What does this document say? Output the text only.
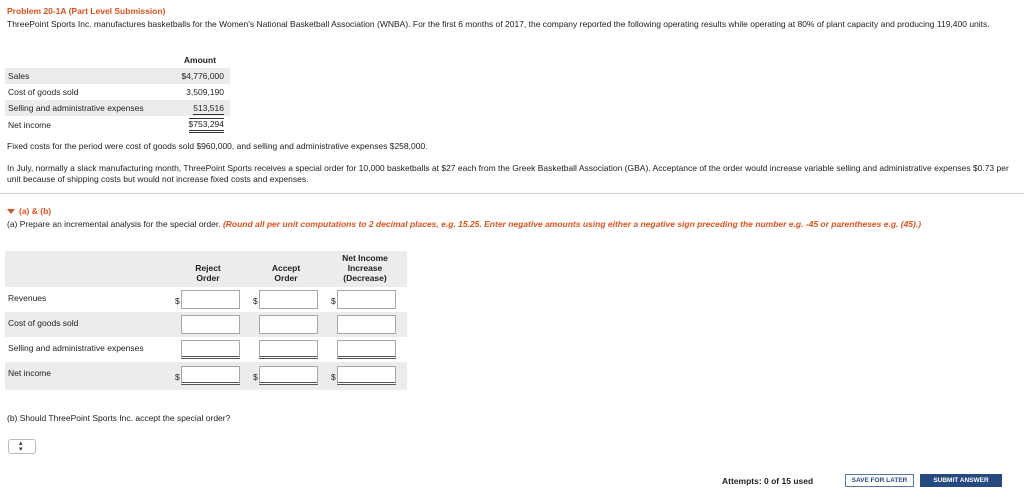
Problem 20-1A (Part Level Submission)
ThreePoint Sports Inc. manufactures basketballs for the Women's National Basketball Association (WNBA). For the first 6 months of 2017, the company reported the following operating results while operating at 80% of plant capacity and producing 119,400 units.
	Amount
Sales	$4,776,000
Cost of goods sold	3,509,190
Selling and administrative expenses	513,516
Net income	$753,294
Fixed costs for the period were cost of goods sold $960,000, and selling and administrative expenses $258,000.
In July, normally a slack manufacturing month, ThreePoint Sports receives a special order for 10,000 basketballs at $27 each from the Greek Basketball Association (GBA). Acceptance of the order would increase variable selling and administrative expenses $0.73 per unit because of shipping costs but would not increase fixed costs and expenses.
(a) & (b)
(a) Prepare an incremental analysis for the special order. (Round all per unit computations to 2 decimal places, e.g. 15.25. Enter negative amounts using either a negative sign preceding the number e.g. -45 or parentheses e.g. (45).)
Reject
Order
Accept
Order
Net Income
Increase
(Decrease)
Revenues	$	$	$
Cost of goods sold
Selling and administrative expenses
Net income	$	$	$
(b) Should ThreePoint Sports Inc. accept the special order?
▴
▾
Attempts: 0 of 15 used	SAVE FOR LATER	SUBMIT ANSWER
